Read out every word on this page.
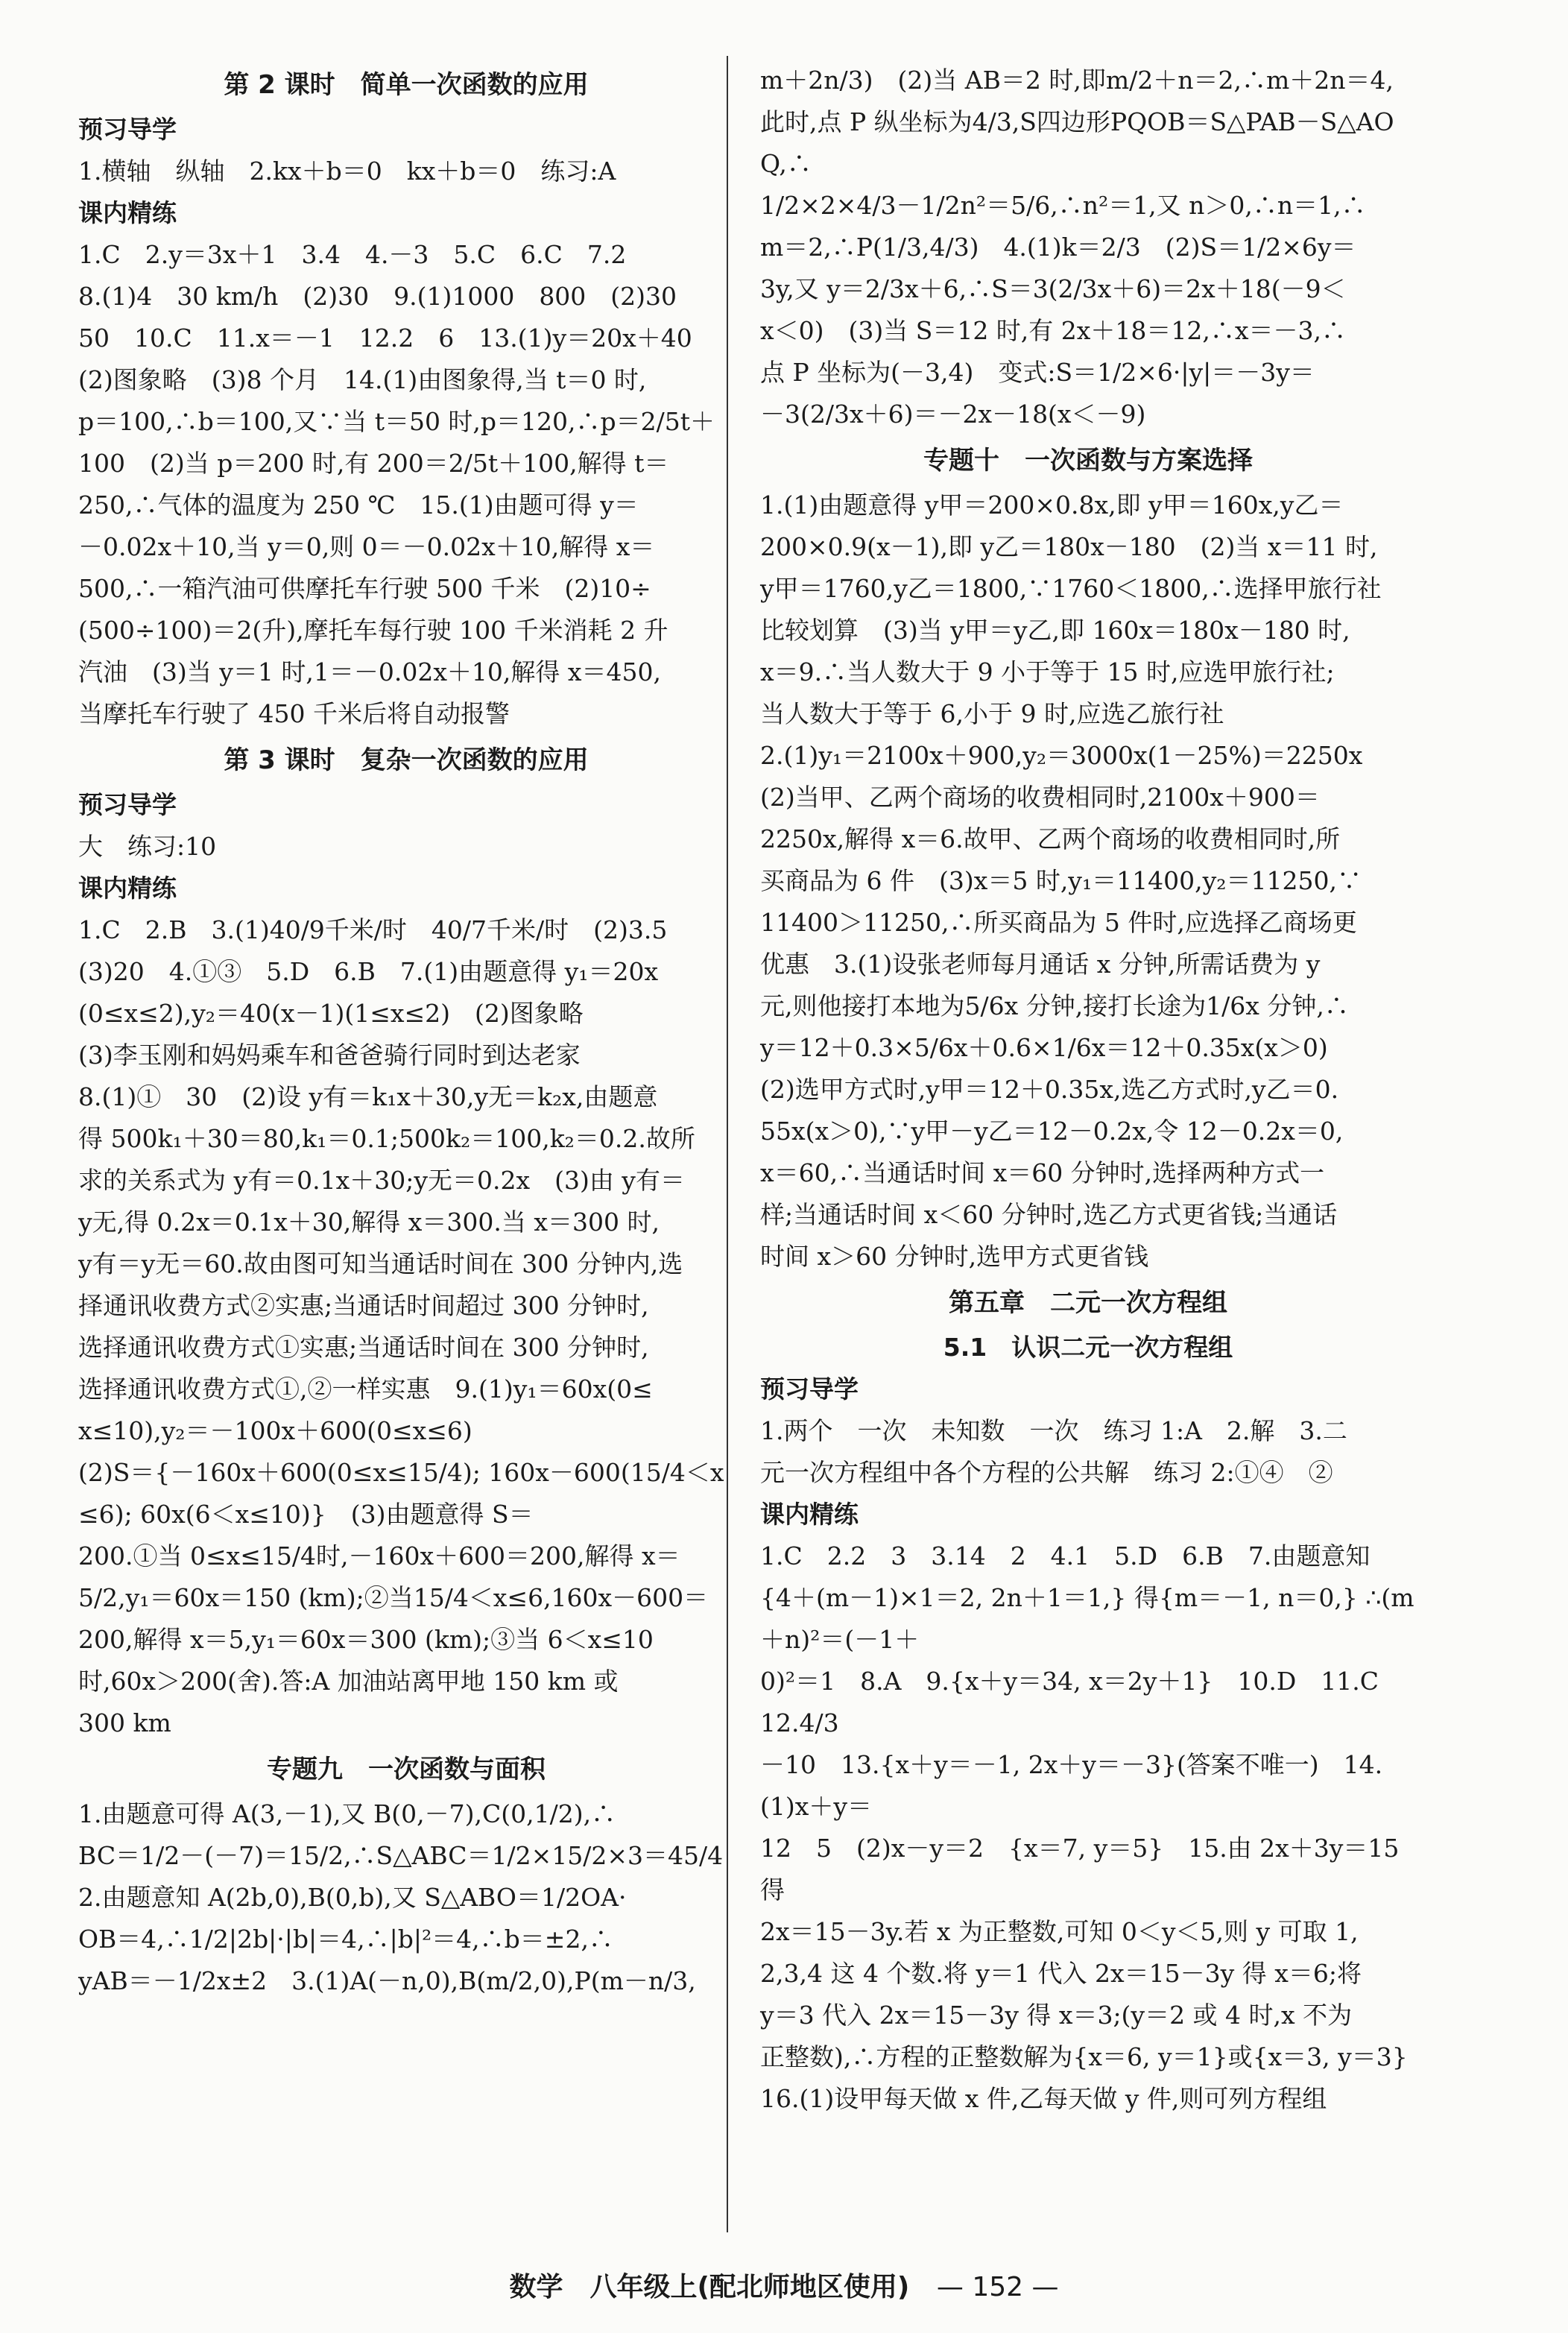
第 2 课时　简单一次函数的应用
预习导学

1.横轴　纵轴　2.kx＋b＝0　kx＋b＝0　练习:A

课内精练

1.C　2.y＝3x＋1　3.4　4.－3　5.C　6.C　7.2

8.(1)4　30 km/h　(2)30　9.(1)1000　800　(2)30

50　10.C　11.x＝－1　12.2　6　13.(1)y＝20x＋40

(2)图象略　(3)8 个月　14.(1)由图象得,当 t＝0 时,

p＝100,∴b＝100,又∵当 t＝50 时,p＝120,∴p＝2/5t＋

100　(2)当 p＝200 时,有 200＝2/5t＋100,解得 t＝

250,∴气体的温度为 250 ℃　15.(1)由题可得 y＝

－0.02x＋10,当 y＝0,则 0＝－0.02x＋10,解得 x＝

500,∴一箱汽油可供摩托车行驶 500 千米　(2)10÷

(500÷100)＝2(升),摩托车每行驶 100 千米消耗 2 升

汽油　(3)当 y＝1 时,1＝－0.02x＋10,解得 x＝450,

当摩托车行驶了 450 千米后将自动报警

第 3 课时　复杂一次函数的应用
预习导学

大　练习:10

课内精练

1.C　2.B　3.(1)40/9千米/时　40/7千米/时　(2)3.5

(3)20　4.①③　5.D　6.B　7.(1)由题意得 y₁＝20x

(0≤x≤2),y₂＝40(x－1)(1≤x≤2)　(2)图象略

(3)李玉刚和妈妈乘车和爸爸骑行同时到达老家

8.(1)①　30　(2)设 y有＝k₁x＋30,y无＝k₂x,由题意

得 500k₁＋30＝80,k₁＝0.1;500k₂＝100,k₂＝0.2.故所

求的关系式为 y有＝0.1x＋30;y无＝0.2x　(3)由 y有＝

y无,得 0.2x＝0.1x＋30,解得 x＝300.当 x＝300 时,

y有＝y无＝60.故由图可知当通话时间在 300 分钟内,选

择通讯收费方式②实惠;当通话时间超过 300 分钟时,

选择通讯收费方式①实惠;当通话时间在 300 分钟时,

选择通讯收费方式①,②一样实惠　9.(1)y₁＝60x(0≤

x≤10),y₂＝－100x＋600(0≤x≤6)

(2)S＝{－160x＋600(0≤x≤15/4); 160x－600(15/4＜x≤6); 60x(6＜x≤10)}　(3)由题意得 S＝

200.①当 0≤x≤15/4时,－160x＋600＝200,解得 x＝

5/2,y₁＝60x＝150 (km);②当15/4＜x≤6,160x－600＝

200,解得 x＝5,y₁＝60x＝300 (km);③当 6＜x≤10

时,60x＞200(舍).答:A 加油站离甲地 150 km 或

300 km

专题九　一次函数与面积

1.由题意可得 A(3,－1),又 B(0,－7),C(0,1/2),∴

BC＝1/2－(－7)＝15/2,∴S△ABC＝1/2×15/2×3＝45/4

2.由题意知 A(2b,0),B(0,b),又 S△ABO＝1/2OA·

OB＝4,∴1/2|2b|·|b|＝4,∴|b|²＝4,∴b＝±2,∴

yAB＝－1/2x±2　3.(1)A(－n,0),B(m/2,0),P(m－n/3,

m＋2n/3)　(2)当 AB＝2 时,即m/2＋n＝2,∴m＋2n＝4,

此时,点 P 纵坐标为4/3,S四边形PQOB＝S△PAB－S△AOQ,∴

1/2×2×4/3－1/2n²＝5/6,∴n²＝1,又 n＞0,∴n＝1,∴

m＝2,∴P(1/3,4/3)　4.(1)k＝2/3　(2)S＝1/2×6y＝

3y,又 y＝2/3x＋6,∴S＝3(2/3x＋6)＝2x＋18(－9＜

x＜0)　(3)当 S＝12 时,有 2x＋18＝12,∴x＝－3,∴

点 P 坐标为(－3,4)　变式:S＝1/2×6·|y|＝－3y＝

－3(2/3x＋6)＝－2x－18(x＜－9)

专题十　一次函数与方案选择

1.(1)由题意得 y甲＝200×0.8x,即 y甲＝160x,y乙＝

200×0.9(x－1),即 y乙＝180x－180　(2)当 x＝11 时,

y甲＝1760,y乙＝1800,∵1760＜1800,∴选择甲旅行社

比较划算　(3)当 y甲＝y乙,即 160x＝180x－180 时,

x＝9.∴当人数大于 9 小于等于 15 时,应选甲旅行社;

当人数大于等于 6,小于 9 时,应选乙旅行社

2.(1)y₁＝2100x＋900,y₂＝3000x(1－25%)＝2250x

(2)当甲、乙两个商场的收费相同时,2100x＋900＝

2250x,解得 x＝6.故甲、乙两个商场的收费相同时,所

买商品为 6 件　(3)x＝5 时,y₁＝11400,y₂＝11250,∵

11400＞11250,∴所买商品为 5 件时,应选择乙商场更

优惠　3.(1)设张老师每月通话 x 分钟,所需话费为 y

元,则他接打本地为5/6x 分钟,接打长途为1/6x 分钟,∴

y＝12＋0.3×5/6x＋0.6×1/6x＝12＋0.35x(x＞0)

(2)选甲方式时,y甲＝12＋0.35x,选乙方式时,y乙＝0.

55x(x＞0),∵y甲－y乙＝12－0.2x,令 12－0.2x＝0,

x＝60,∴当通话时间 x＝60 分钟时,选择两种方式一

样;当通话时间 x＜60 分钟时,选乙方式更省钱;当通话

时间 x＞60 分钟时,选甲方式更省钱

第五章　二元一次方程组
5.1　认识二元一次方程组
预习导学

1.两个　一次　未知数　一次　练习 1:A　2.解　3.二

元一次方程组中各个方程的公共解　练习 2:①④　②

课内精练

1.C　2.2　3　3.14　2　4.1　5.D　6.B　7.由题意知

{4＋(m－1)×1＝2, 2n＋1＝1,} 得{m＝－1, n＝0,} ∴(m＋n)²＝(－1＋

0)²＝1　8.A　9.{x＋y＝34, x＝2y＋1}　10.D　11.C　12.4/3

－10　13.{x＋y＝－1, 2x＋y＝－3}(答案不唯一)　14.(1)x＋y＝

12　5　(2)x－y＝2　{x＝7, y＝5}　15.由 2x＋3y＝15 得

2x＝15－3y.若 x 为正整数,可知 0＜y＜5,则 y 可取 1,

2,3,4 这 4 个数.将 y＝1 代入 2x＝15－3y 得 x＝6;将

y＝3 代入 2x＝15－3y 得 x＝3;(y＝2 或 4 时,x 不为

正整数),∴方程的正整数解为{x＝6, y＝1}或{x＝3, y＝3}

16.(1)设甲每天做 x 件,乙每天做 y 件,则可列方程组

数学　八年级上(配北师地区使用) — 152 —
